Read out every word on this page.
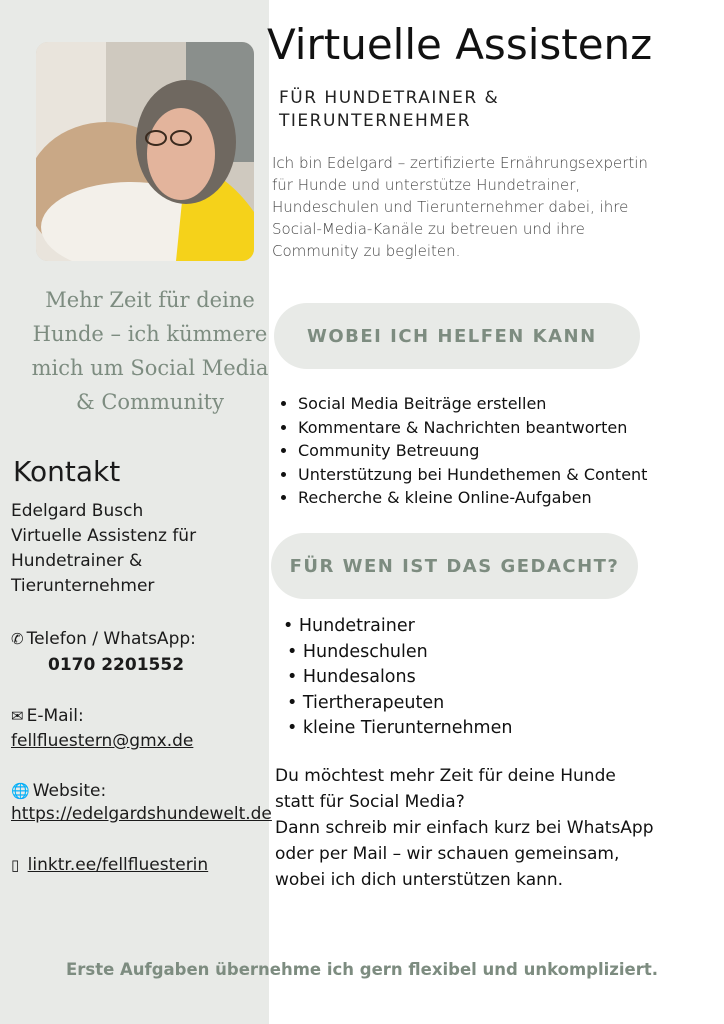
Mehr Zeit für deine Hunde – ich kümmere mich um Social Media & Community
Kontakt
Edelgard Busch
Virtuelle Assistenz für
Hundetrainer &
Tierunternehmer
✆ Telefon / WhatsApp:
0170 2201552
✉ E-Mail:
fellfluestern@gmx.de
🌐 Website:
https://edelgardshundewelt.de
▯ linktr.ee/fellfluesterin
Virtuelle Assistenz
FÜR HUNDETRAINER & TIERUNTERNEHMER
Ich bin Edelgard – zertifizierte Ernährungsexpertin für Hunde und unterstütze Hundetrainer, Hundeschulen und Tierunternehmer dabei, ihre Social-Media-Kanäle zu betreuen und ihre Community zu begleiten.
WOBEI ICH HELFEN KANN
• Social Media Beiträge erstellen
• Kommentare & Nachrichten beantworten
• Community Betreuung
• Unterstützung bei Hundethemen & Content
• Recherche & kleine Online-Aufgaben
FÜR WEN IST DAS GEDACHT?
• Hundetrainer
• Hundeschulen
• Hundesalons
• Tiertherapeuten
• kleine Tierunternehmen
Du möchtest mehr Zeit für deine Hunde
statt für Social Media?
Dann schreib mir einfach kurz bei WhatsApp
oder per Mail – wir schauen gemeinsam,
wobei ich dich unterstützen kann.
Erste Aufgaben übernehme ich gern flexibel und unkompliziert.
